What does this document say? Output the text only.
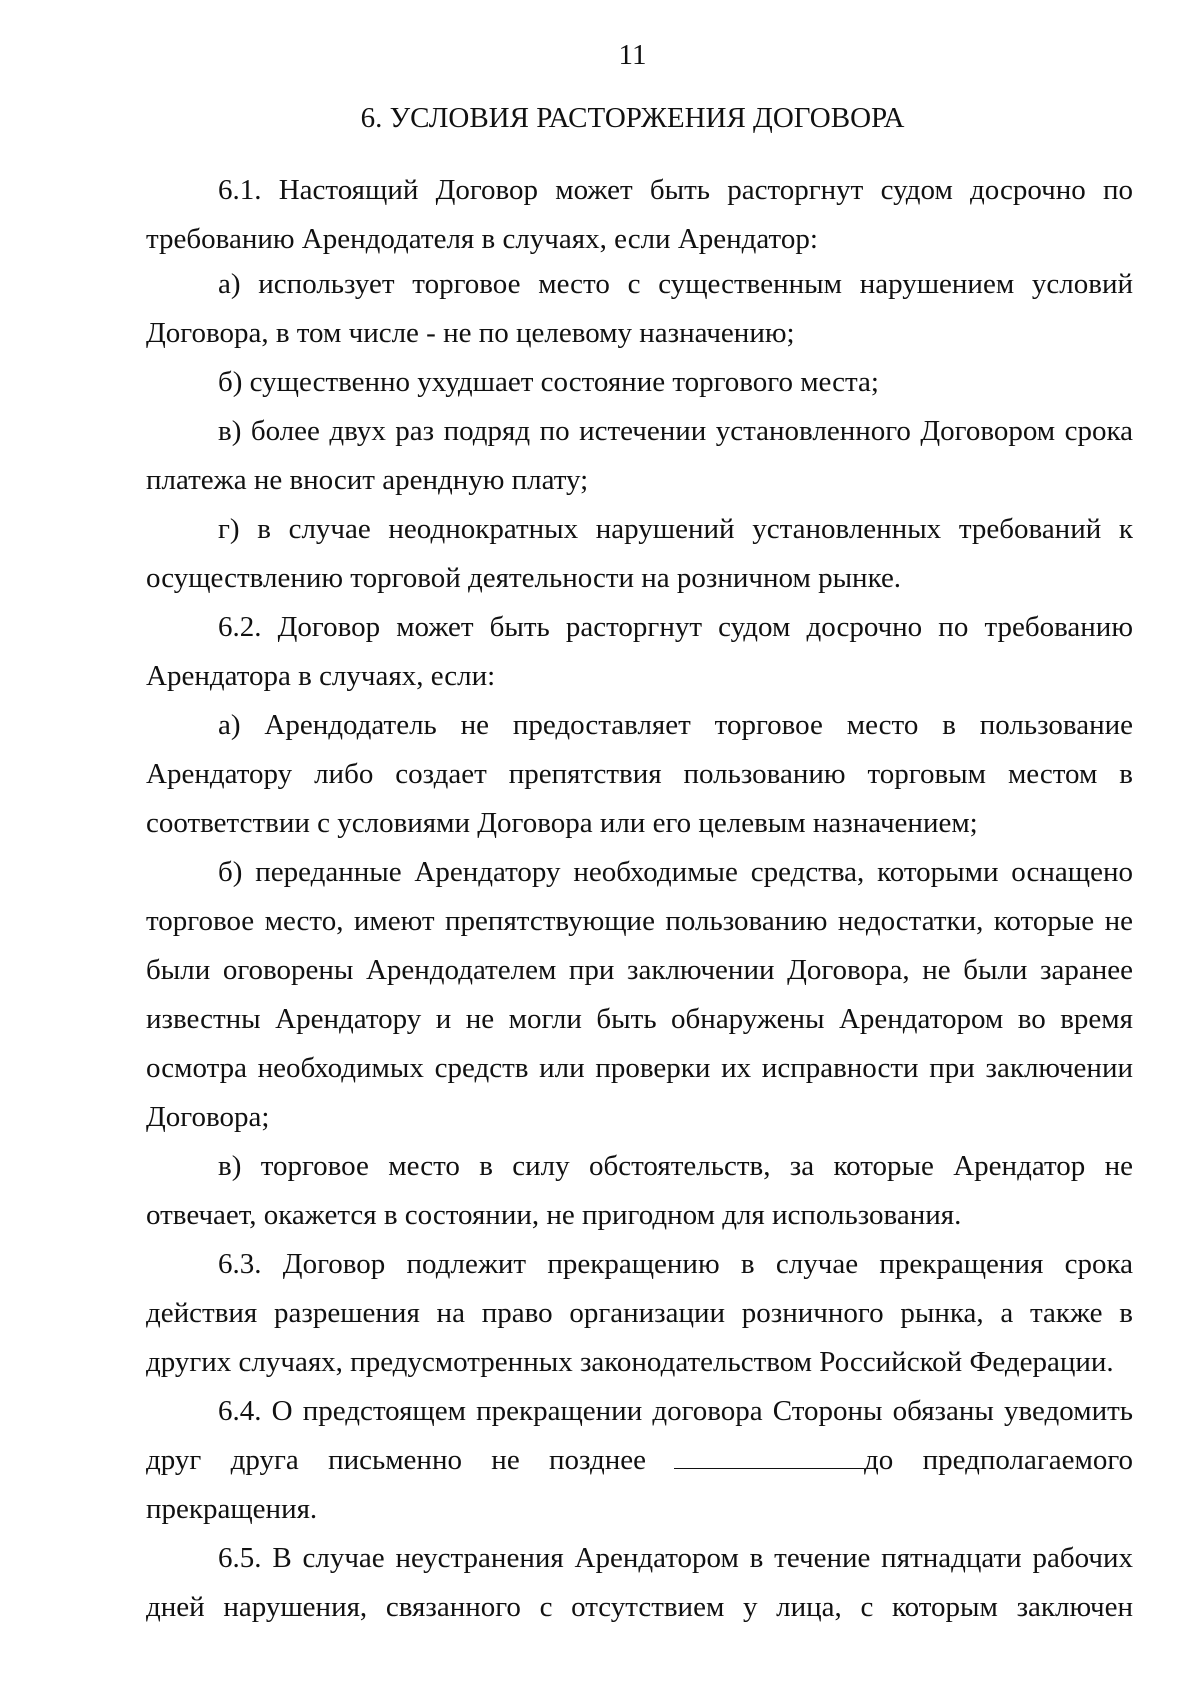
11
6. УСЛОВИЯ РАСТОРЖЕНИЯ ДОГОВОРА

6.1. Настоящий Договор может быть расторгнут судом досрочно по требованию Арендодателя в случаях, если Арендатор:

а) использует торговое место с существенным нарушением условий Договора, в том числе - не по целевому назначению;

б) существенно ухудшает состояние торгового места;

в) более двух раз подряд по истечении установленного Договором срока платежа не вносит арендную плату;

г) в случае неоднократных нарушений установленных требований к осуществлению торговой деятельности на розничном рынке.

6.2. Договор может быть расторгнут судом досрочно по требованию Арендатора в случаях, если:

а) Арендодатель не предоставляет торговое место в пользование Арендатору либо создает препятствия пользованию торговым местом в соответствии с условиями Договора или его целевым назначением;

б) переданные Арендатору необходимые средства, которыми оснащено торговое место, имеют препятствующие пользованию недостатки, которые не были оговорены Арендодателем при заключении Договора, не были заранее известны Арендатору и не могли быть обнаружены Арендатором во время осмотра необходимых средств или проверки их исправности при заключении Договора;

в) торговое место в силу обстоятельств, за которые Арендатор не отвечает, окажется в состоянии, не пригодном для использования.

6.3. Договор подлежит прекращению в случае прекращения срока действия разрешения на право организации розничного рынка, а также в других случаях, предусмотренных законодательством Российской Федерации.

6.4. О предстоящем прекращении договора Стороны обязаны уведомить друг друга письменно не позднее	до предполагаемого прекращения.

6.5. В случае неустранения Арендатором в течение пятнадцати рабочих дней нарушения, связанного с отсутствием у лица, с которым заключен
